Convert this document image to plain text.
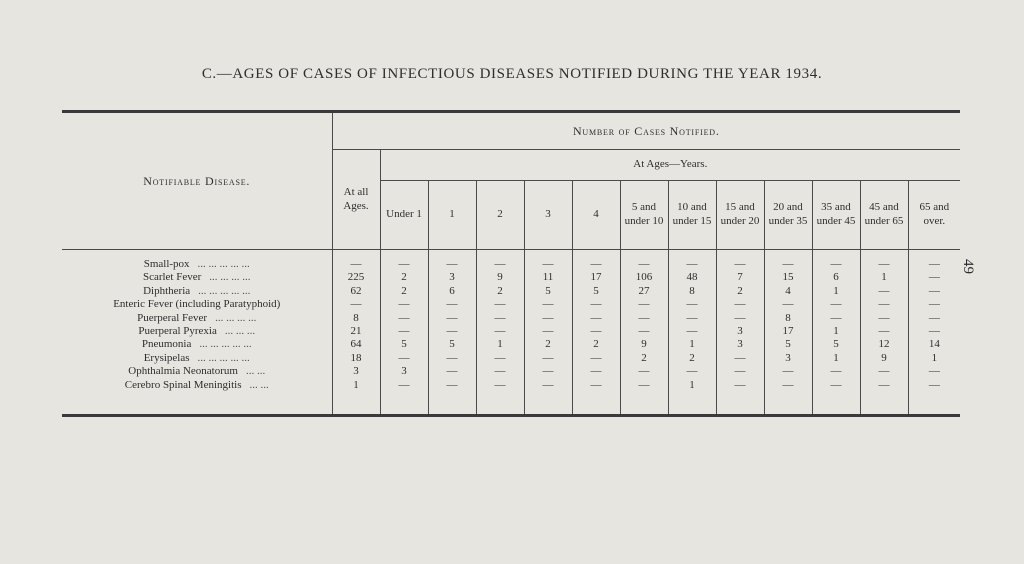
C.—AGES OF CASES OF INFECTIOUS DISEASES NOTIFIED DURING THE YEAR 1934.
49
Notifiable Disease.	Number of Cases Notified.												
	At all Ages.	At Ages—Years.											
		Under 1	1	2	3	4	5 and under 10	10 and under 15	15 and under 20	20 and under 35	35 and under 45	45 and under 65	65 and over.

Small-pox ... ... ... ... ...	—	—	—	—	—	—	—	—	—	—	—	—	—
Scarlet Fever ... ... ... ...	225	2	3	9	11	17	106	48	7	15	6	1	—
Diphtheria ... ... ... ... ...	62	2	6	2	5	5	27	8	2	4	1	—	—
Enteric Fever (including Paratyphoid)	—	—	—	—	—	—	—	—	—	—	—	—	—
Puerperal Fever ... ... ... ...	8	—	—	—	—	—	—	—	—	8	—	—	—
Puerperal Pyrexia ... ... ...	21	—	—	—	—	—	—	—	3	17	1	—	—
Pneumonia ... ... ... ... ...	64	5	5	1	2	2	9	1	3	5	5	12	14
Erysipelas ... ... ... ... ...	18	—	—	—	—	—	2	2	—	3	1	9	1
Ophthalmia Neonatorum ... ...	3	3	—	—	—	—	—	—	—	—	—	—	—
Cerebro Spinal Meningitis ... ...	1	—	—	—	—	—	—	1	—	—	—	—	—
